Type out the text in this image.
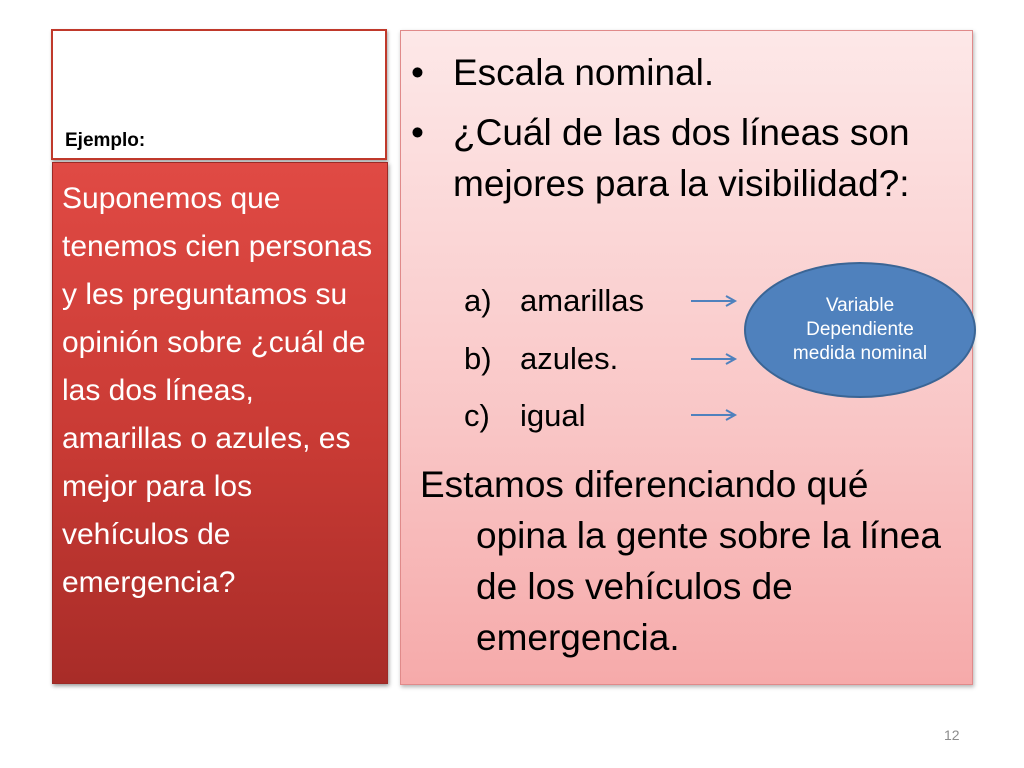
Ejemplo:
Suponemos que tenemos cien personas y les preguntamos su opinión sobre ¿cuál de las dos líneas, amarillas o azules, es mejor para los vehículos de emergencia?
• Escala nominal.
• ¿Cuál de las dos líneas son mejores para la visibilidad?:
a) amarillas
b) azules.
c) igual
Estamos diferenciando qué
opina la gente sobre la línea de los vehículos de emergencia.
Variable Dependiente medida nominal
12
